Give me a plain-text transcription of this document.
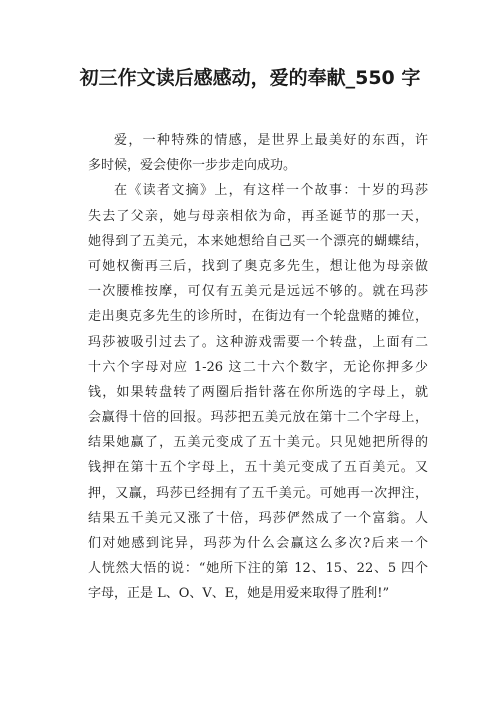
初三作文读后感感动，爱的奉献_550 字
爱，一种特殊的情感，是世界上最美好的东西，许
多时候，爱会使你一步步走向成功。
在《读者文摘》上，有这样一个故事：十岁的玛莎
失去了父亲，她与母亲相依为命，再圣诞节的那一天，
她得到了五美元，本来她想给自己买一个漂亮的蝴蝶结，
可她权衡再三后，找到了奥克多先生，想让他为母亲做
一次腰椎按摩，可仅有五美元是远远不够的。就在玛莎
走出奥克多先生的诊所时，在街边有一个轮盘赌的摊位，
玛莎被吸引过去了。这种游戏需要一个转盘，上面有二
十六个字母对应 1-26 这二十六个数字，无论你押多少
钱，如果转盘转了两圈后指针落在你所选的字母上，就
会赢得十倍的回报。玛莎把五美元放在第十二个字母上，
结果她赢了，五美元变成了五十美元。只见她把所得的
钱押在第十五个字母上，五十美元变成了五百美元。又
押，又赢，玛莎已经拥有了五千美元。可她再一次押注，
结果五千美元又涨了十倍，玛莎俨然成了一个富翁。人
们对她感到诧异，玛莎为什么会赢这么多次?后来一个
人恍然大悟的说：“她所下注的第 12、15、22、5 四个
字母，正是 L、O、V、E，她是用爱来取得了胜利!”
